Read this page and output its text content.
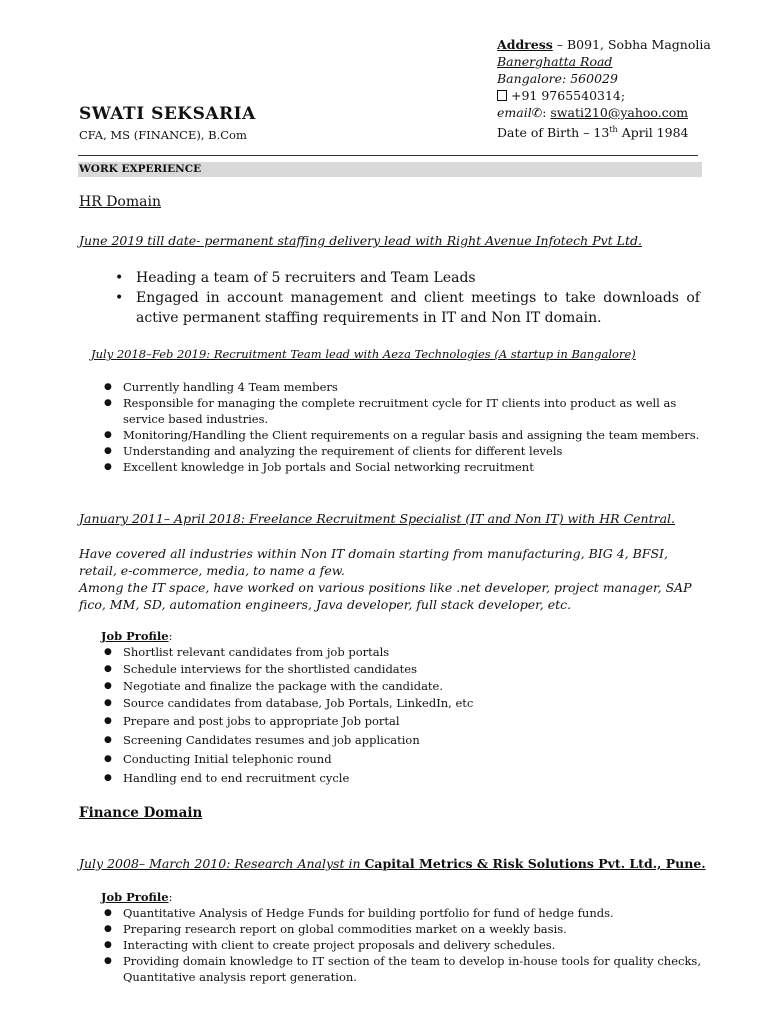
Address – B091, Sobha Magnolia
Banerghatta Road
Bangalore: 560029
+91 9765540314;
email✆: swati210@yahoo.com
Date of Birth – 13th April 1984
SWATI SEKSARIA
CFA, MS (FINANCE), B.Com
WORK EXPERIENCE
HR Domain
June 2019 till date- permanent staffing delivery lead with Right Avenue Infotech Pvt Ltd.
• Heading a team of 5 recruiters and Team Leads
• Engaged in account management and client meetings to take downloads of active permanent staffing requirements in IT and Non IT domain.
July 2018–Feb 2019: Recruitment Team lead with Aeza Technologies (A startup in Bangalore)
● Currently handling 4 Team members
● Responsible for managing the complete recruitment cycle for IT clients into product as well as service based industries.
● Monitoring/Handling the Client requirements on a regular basis and assigning the team members.
● Understanding and analyzing the requirement of clients for different levels
● Excellent knowledge in Job portals and Social networking recruitment
January 2011– April 2018: Freelance Recruitment Specialist (IT and Non IT) with HR Central.
Have covered all industries within Non IT domain starting from manufacturing, BIG 4, BFSI, retail, e-commerce, media, to name a few.
Among the IT space, have worked on various positions like .net developer, project manager, SAP fico, MM, SD, automation engineers, Java developer, full stack developer, etc.
Job Profile:
● Shortlist relevant candidates from job portals
● Schedule interviews for the shortlisted candidates
● Negotiate and finalize the package with the candidate.
● Source candidates from database, Job Portals, LinkedIn, etc
● Prepare and post jobs to appropriate Job portal
● Screening Candidates resumes and job application
● Conducting Initial telephonic round
● Handling end to end recruitment cycle
Finance Domain
July 2008– March 2010: Research Analyst in Capital Metrics & Risk Solutions Pvt. Ltd., Pune.
Job Profile:
● Quantitative Analysis of Hedge Funds for building portfolio for fund of hedge funds.
● Preparing research report on global commodities market on a weekly basis.
● Interacting with client to create project proposals and delivery schedules.
● Providing domain knowledge to IT section of the team to develop in-house tools for quality checks, Quantitative analysis report generation.
